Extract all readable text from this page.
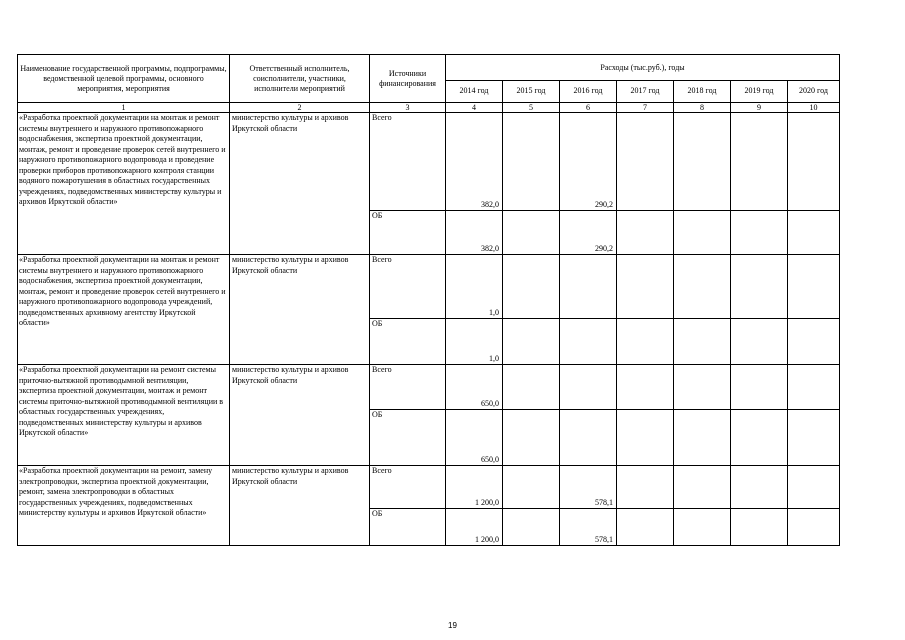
Наименование государственной программы, подпрограммы, ведомственной целевой программы, основного мероприятия, мероприятия	Ответственный исполнитель, соисполнители, участники, исполнители мероприятий	Источники финансирования	Расходы (тыс.руб.), годы						
			2014 год	2015 год	2016 год	2017 год	2018 год	2019 год	2020 год
1	2	3	4	5	6	7	8	9	10
«Разработка проектной документации на монтаж и ремонт системы внутреннего и наружного противопожарного водоснабжения, экспертиза проектной документации, монтаж, ремонт и проведение проверок сетей внутреннего и наружного противопожарного водопровода и проведение проверки приборов противопожарного контроля станции водяного пожаротушения в областных государственных учреждениях, подведомственных министерству культуры и архивов Иркутской области»	министерство культуры и архивов Иркутской области	Всего	382,0		290,2				
		ОБ	382,0		290,2				
«Разработка проектной документации на монтаж и ремонт системы внутреннего и наружного противопожарного водоснабжения, экспертиза проектной документации, монтаж, ремонт и проведение проверок сетей внутреннего и наружного противопожарного водопровода учреждений, подведомственных архивному агентству Иркутской области»	министерство культуры и архивов Иркутской области	Всего	1,0						
		ОБ	1,0						
«Разработка проектной документации на ремонт системы приточно-вытяжной противодымной вентиляции, экспертиза проектной документации, монтаж и ремонт системы приточно-вытяжной противодымной вентиляции в областных государственных учреждениях, подведомственных министерству культуры и архивов Иркутской области»	министерство культуры и архивов Иркутской области	Всего	650,0						
		ОБ	650,0						
«Разработка проектной документации на ремонт, замену электропроводки, экспертиза проектной документации, ремонт, замена электропроводки в областных государственных учреждениях, подведомственных министерству культуры и архивов Иркутской области»	министерство культуры и архивов Иркутской области	Всего	1 200,0		578,1				
		ОБ	1 200,0		578,1				
19
